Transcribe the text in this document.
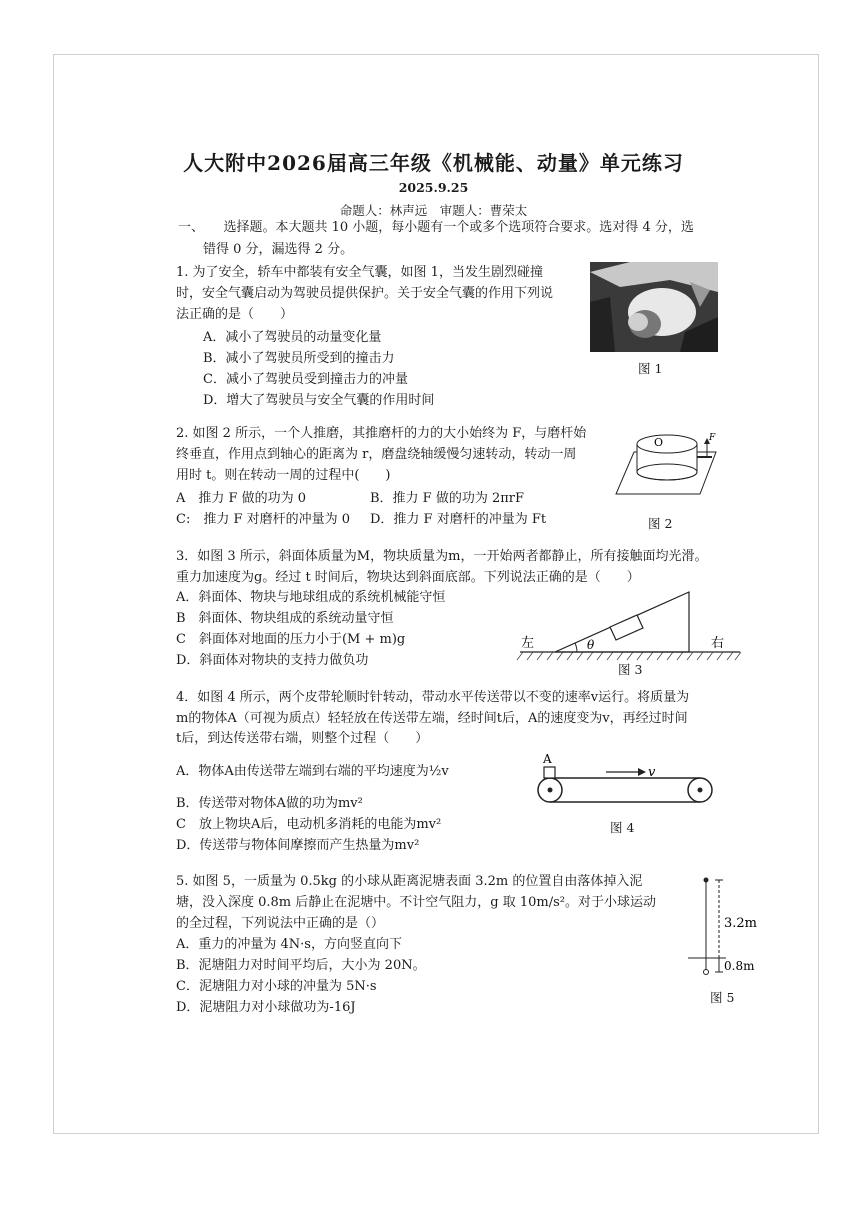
人大附中2026届高三年级《机械能、动量》单元练习
2025.9.25
命题人：林声远　审题人：曹荣太
一、　　选择题。本大题共 10 小题，每小题有一个或多个选项符合要求。选对得 4 分，选
错得 0 分，漏选得 2 分。
1. 为了安全，轿车中都装有安全气囊，如图 1，当发生剧烈碰撞
时，安全气囊启动为驾驶员提供保护。关于安全气囊的作用下列说
法正确的是（　　）
A．减小了驾驶员的动量变化量
B．减小了驾驶员所受到的撞击力
C．减小了驾驶员受到撞击力的冲量
D．增大了驾驶员与安全气囊的作用时间
图 1
2. 如图 2 所示，一个人推磨，其推磨杆的力的大小始终为 F，与磨杆始
终垂直，作用点到轴心的距离为 r，磨盘绕轴缓慢匀速转动，转动一周
用时 t。则在转动一周的过程中(　　)
A　推力 F 做的功为 0	B．推力 F 做的功为 2πrF
C:　推力 F 对磨杆的冲量为 0 D．推力 F 对磨杆的冲量为 Ft
O	F
图 2
3．如图 3 所示，斜面体质量为M，物块质量为m，一开始两者都静止，所有接触面均光滑。
重力加速度为g。经过 t 时间后，物块达到斜面底部。下列说法正确的是（　　）
A．斜面体、物块与地球组成的系统机械能守恒
B　斜面体、物块组成的系统动量守恒
C　斜面体对地面的压力小于(M + m)g
D．斜面体对物块的支持力做负功
θ
左	右
图 3
4．如图 4 所示，两个皮带轮顺时针转动，带动水平传送带以不变的速率v运行。将质量为
m的物体A（可视为质点）轻轻放在传送带左端，经时间t后，A的速度变为v，再经过时间
t后，到达传送带右端，则整个过程（　　）
A．物体A由传送带左端到右端的平均速度为½v
B．传送带对物体A做的功为mv²
C　放上物块A后，电动机多消耗的电能为mv²
D．传送带与物体间摩擦而产生热量为mv²
A
v
图 4
5. 如图 5，一质量为 0.5kg 的小球从距离泥塘表面 3.2m 的位置自由落体掉入泥
塘，没入深度 0.8m 后静止在泥塘中。不计空气阻力，g 取 10m/s²。对于小球运动
的全过程，下列说法中正确的是（）
A．重力的冲量为 4N·s，方向竖直向下
B．泥塘阻力对时间平均后，大小为 20N。
C．泥塘阻力对小球的冲量为 5N·s
D．泥塘阻力对小球做功为-16J
3.2m
0.8m
图 5
